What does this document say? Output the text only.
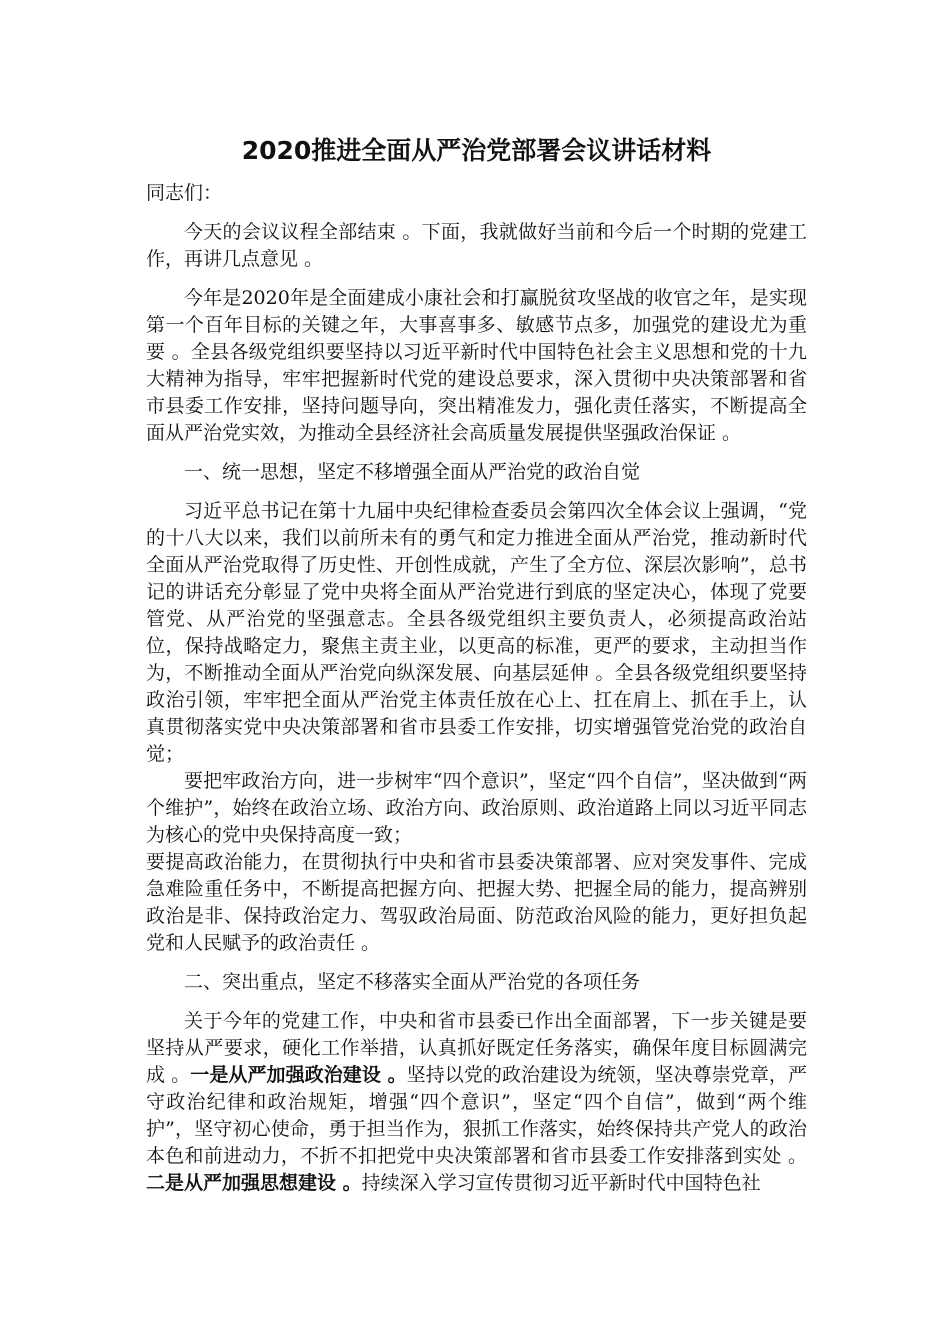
2020推进全面从严治党部署会议讲话材料
同志们：
今天的会议议程全部结束 。下面，我就做好当前和今后一个时期的党建工作，再讲几点意见 。
今年是2020年是全面建成小康社会和打赢脱贫攻坚战的收官之年，是实现第一个百年目标的关键之年，大事喜事多、敏感节点多，加强党的建设尤为重要 。全县各级党组织要坚持以习近平新时代中国特色社会主义思想和党的十九大精神为指导，牢牢把握新时代党的建设总要求，深入贯彻中央决策部署和省市县委工作安排，坚持问题导向，突出精准发力，强化责任落实，不断提高全面从严治党实效，为推动全县经济社会高质量发展提供坚强政治保证 。
一、统一思想，坚定不移增强全面从严治党的政治自觉
习近平总书记在第十九届中央纪律检查委员会第四次全体会议上强调，“党的十八大以来，我们以前所未有的勇气和定力推进全面从严治党，推动新时代全面从严治党取得了历史性、开创性成就，产生了全方位、深层次影响”，总书记的讲话充分彰显了党中央将全面从严治党进行到底的坚定决心，体现了党要管党、从严治党的坚强意志。全县各级党组织主要负责人，必须提高政治站位，保持战略定力，聚焦主责主业，以更高的标准，更严的要求，主动担当作为，不断推动全面从严治党向纵深发展、向基层延伸 。全县各级党组织要坚持政治引领，牢牢把全面从严治党主体责任放在心上、扛在肩上、抓在手上，认真贯彻落实党中央决策部署和省市县委工作安排，切实增强管党治党的政治自觉；
要把牢政治方向，进一步树牢“四个意识”，坚定“四个自信”，坚决做到“两个维护”，始终在政治立场、政治方向、政治原则、政治道路上同以习近平同志为核心的党中央保持高度一致；
要提高政治能力，在贯彻执行中央和省市县委决策部署、应对突发事件、完成急难险重任务中，不断提高把握方向、把握大势、把握全局的能力，提高辨别政治是非、保持政治定力、驾驭政治局面、防范政治风险的能力，更好担负起党和人民赋予的政治责任 。
二、突出重点，坚定不移落实全面从严治党的各项任务
关于今年的党建工作，中央和省市县委已作出全面部署，下一步关键是要坚持从严要求，硬化工作举措，认真抓好既定任务落实，确保年度目标圆满完成 。一是从严加强政治建设 。坚持以党的政治建设为统领，坚决尊崇党章，严守政治纪律和政治规矩，增强“四个意识”，坚定“四个自信”，做到“两个维护”，坚守初心使命，勇于担当作为，狠抓工作落实，始终保持共产党人的政治本色和前进动力，不折不扣把党中央决策部署和省市县委工作安排落到实处 。二是从严加强思想建设 。持续深入学习宣传贯彻习近平新时代中国特色社
